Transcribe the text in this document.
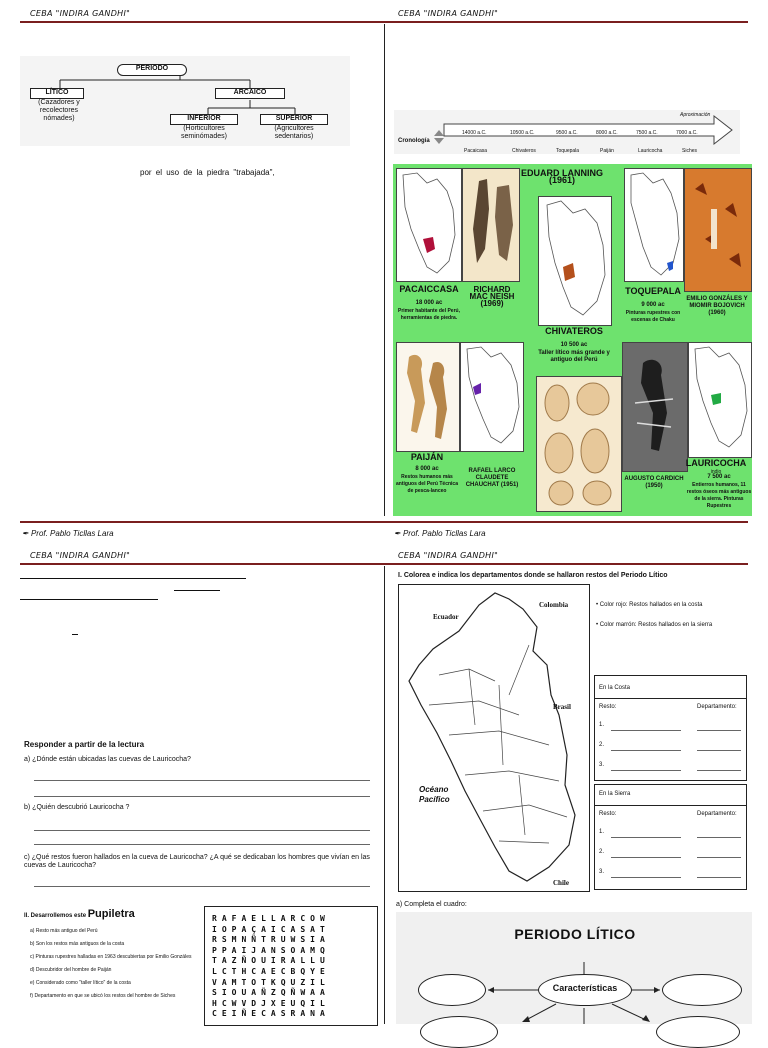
CEBA "INDIRA GANDHI"	CEBA "INDIRA GANDHI"
PERIODO
LÍTICO
(Cazadores y recolectores nómades)
ARCAICO
INFERIOR
(Horticultores seminómades)
SUPERIOR
(Agricultores sedentarios)
por el uso de la piedra "trabajada",
Cronología
Aproximación
14000 a.C.	10500 a.C.	9500 a.C.	8000 a.C.	7500 a.C.	7000 a.C.
Pacaicasa	Chivateros	Toquepala	Paiján	Lauricocha	Siches
EDUARD LANNING (1961)
PACAICCASA
18 000 ac
Primer habitante del Perú, herramientas de piedra.
RICHARD MAC NEISH (1969)
CHIVATEROS
10 500 ac
Taller lítico más grande y antiguo del Perú
TOQUEPALA
9 000 ac
Pinturas rupestres con escenas de Chaku
EMILIO GONZÁLES Y MIOMIR BOJOVICH (1960)
PAIJÁN
8 000 ac
Restos humanos más antiguos del Perú Técnica de pesca-lanceo
RAFAEL LARCO CLAUDETE CHAUCHAT (1951)
AUGUSTO CARDICH (1950)
LAURICOCHA indio
7 500 ac
Entierros humanos, 11 restos óseos más antiguos de la sierra. Pinturas Rupestres
✒ Prof. Pablo Ticllas Lara	✒ Prof. Pablo Ticllas Lara
CEBA "INDIRA GANDHI"	CEBA "INDIRA GANDHI"
Responder a partir de la lectura
a) ¿Dónde están ubicadas las cuevas de Lauricocha?
b) ¿Quién descubrió Lauricocha ?
c) ¿Qué restos fueron hallados en la cueva de Lauricocha? ¿A qué se dedicaban los hombres que vivían en las cuevas de Lauricocha?
II. Desarrollemos este Pupiletra
a) Resto más antiguo del Perú
b) Son los restos más antiguos de la costa
c) Pinturas rupestres halladas en 1963 descubiertas por Emilio Gonzáles
d) Descubridor del hombre de Paiján
e) Considerado como "taller lítico" de la costa
f) Departamento en que se ubicó los restos del hombre de Siches
RAFAELLARCOW
IOPAÇAICASAT
RSMNÑTRUWSIA
PPAIJANSOAMQ
TAZÑOUIRALLU
LCTHCAECBQYE
VAMTOTKQUZIL
SIOUAÑZQÑWAA
HCWVDJXEUQIL
CEIÑECASRANA
I. Colorea e indica los departamentos donde se hallaron restos del Periodo Lítico
Ecuador
Colombia
Brasil
Océano Pacífico
Chile
• Color rojo: Restos hallados en la costa
• Color marrón: Restos hallados en la sierra
En la Costa
Resto:	Departamento:
1.
2.
3.
En la Sierra
Resto:	Departamento:
1.
2.
3.
a) Completa el cuadro:
PERIODO LÍTICO
Características
